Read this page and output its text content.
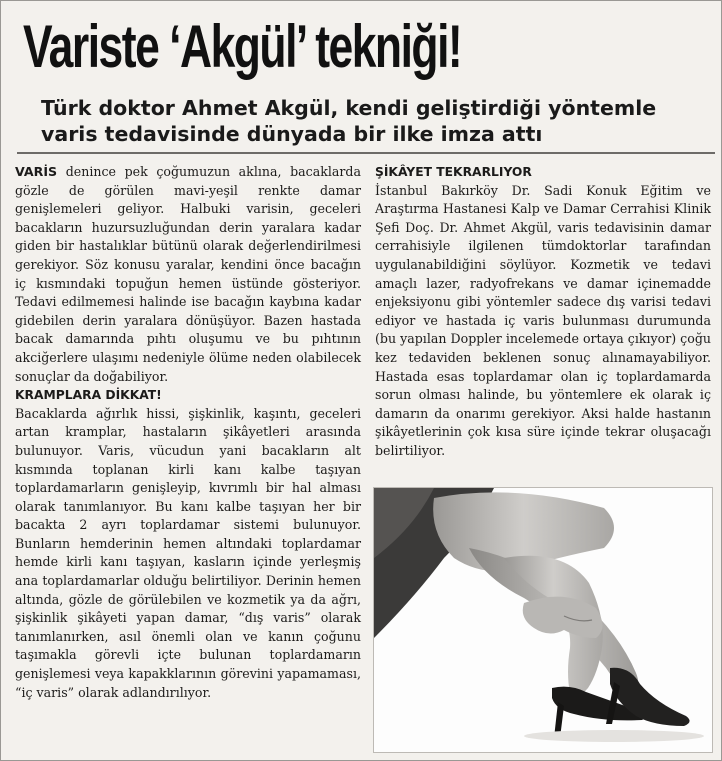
Variste ‘Akgül’ tekniği!
Türk doktor Ahmet Akgül, kendi geliştirdiği yöntemle varis tedavisinde dünyada bir ilke imza attı

VARİS denince pek çoğumuzun aklına, bacaklarda gözle de görülen mavi-yeşil renkte damar genişlemeleri geliyor. Halbuki varisin, geceleri bacakların huzursuzluğundan derin yaralara kadar giden bir hastalıklar bütünü olarak değerlendirilmesi gerekiyor. Söz konusu yaralar, kendini önce bacağın iç kısmındaki topuğun hemen üstünde gösteriyor. Tedavi edilmemesi halinde ise bacağın kaybına kadar gidebilen derin yaralara dönüşüyor. Bazen hastada bacak damarında pıhtı oluşumu ve bu pıhtının akciğerlere ulaşımı nedeniyle ölüme neden olabilecek sonuçlar da doğabiliyor.

KRAMPLARA DİKKAT!

Bacaklarda ağırlık hissi, şişkinlik, kaşıntı, geceleri artan kramplar, hastaların şikâyetleri arasında bulunuyor. Varis, vücudun yani bacakların alt kısmında toplanan kirli kanı kalbe taşıyan toplardamarların genişleyip, kıvrımlı bir hal alması olarak tanımlanıyor. Bu kanı kalbe taşıyan her bir bacakta 2 ayrı toplardamar sistemi bulunuyor. Bunların hemderinin hemen altındaki toplardamar hemde kirli kanı taşıyan, kasların içinde yerleşmiş ana toplardamarlar olduğu belirtiliyor. Derinin hemen altında, gözle de görülebilen ve kozmetik ya da ağrı, şişkinlik şikâyeti yapan damar, “dış varis” olarak tanımlanırken, asıl önemli olan ve kanın çoğunu taşımakla görevli içte bulunan toplardamarın genişlemesi veya kapakklarının görevini yapamaması, “iç varis” olarak adlandırılıyor.

ŞİKÂYET TEKRARLIYOR

İstanbul Bakırköy Dr. Sadi Konuk Eğitim ve Araştırma Hastanesi Kalp ve Damar Cerrahisi Klinik Şefi Doç. Dr. Ahmet Akgül, varis tedavisinin damar cerrahisiyle ilgilenen tümdoktorlar tarafından uygulanabildiğini söylüyor. Kozmetik ve tedavi amaçlı lazer, radyofrekans ve damar içinemadde enjeksiyonu gibi yöntemler sadece dış varisi tedavi ediyor ve hastada iç varis bulunması durumunda (bu yapılan Doppler incelemede ortaya çıkıyor) çoğu kez tedaviden beklenen sonuç alınamayabiliyor. Hastada esas toplardamar olan iç toplardamarda sorun olması halinde, bu yöntemlere ek olarak iç damarın da onarımı gerekiyor. Aksi halde hastanın şikâyetlerinin çok kısa süre içinde tekrar oluşacağı belirtiliyor.
